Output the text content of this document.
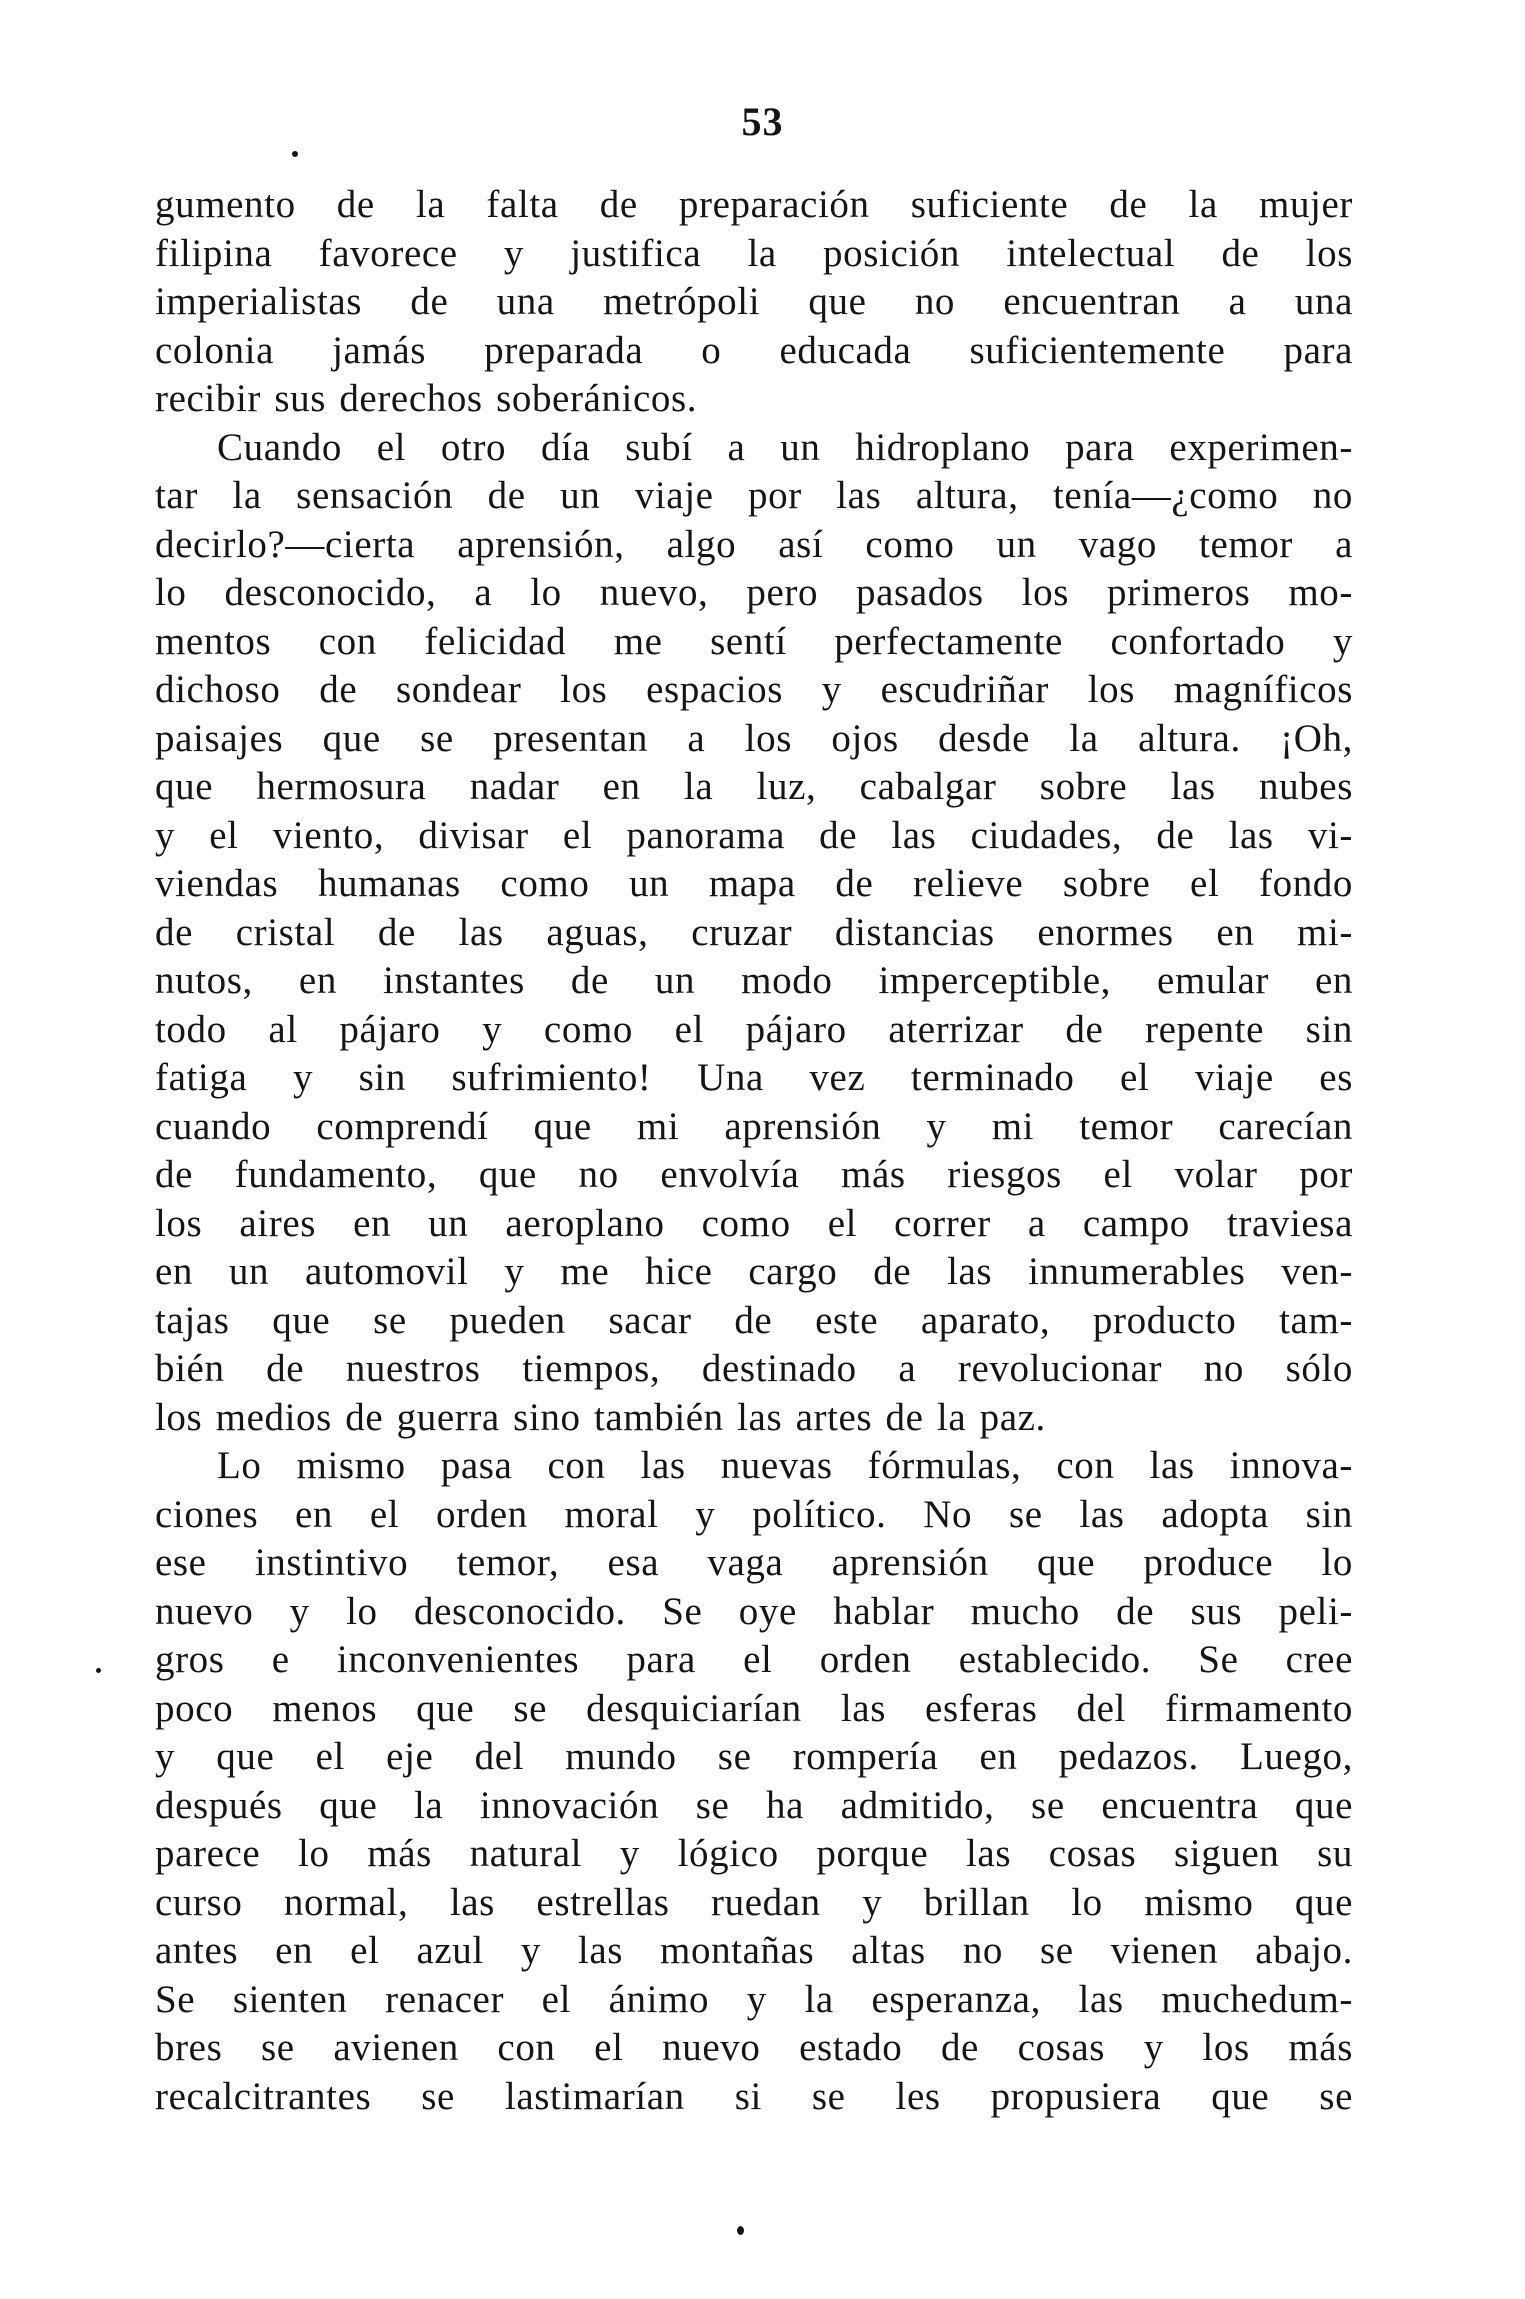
53
gumento de la falta de preparación suficiente de la mujer
filipina favorece y justifica la posición intelectual de los
imperialistas de una metrópoli que no encuentran a una
colonia jamás preparada o educada suficientemente para
recibir sus derechos soberánicos.
Cuando el otro día subí a un hidroplano para experimen-
tar la sensación de un viaje por las altura, tenía—¿como no
decirlo?—cierta aprensión, algo así como un vago temor a
lo desconocido, a lo nuevo, pero pasados los primeros mo-
mentos con felicidad me sentí perfectamente confortado y
dichoso de sondear los espacios y escudriñar los magníficos
paisajes que se presentan a los ojos desde la altura. ¡Oh,
que hermosura nadar en la luz, cabalgar sobre las nubes
y el viento, divisar el panorama de las ciudades, de las vi-
viendas humanas como un mapa de relieve sobre el fondo
de cristal de las aguas, cruzar distancias enormes en mi-
nutos, en instantes de un modo imperceptible, emular en
todo al pájaro y como el pájaro aterrizar de repente sin
fatiga y sin sufrimiento! Una vez terminado el viaje es
cuando comprendí que mi aprensión y mi temor carecían
de fundamento, que no envolvía más riesgos el volar por
los aires en un aeroplano como el correr a campo traviesa
en un automovil y me hice cargo de las innumerables ven-
tajas que se pueden sacar de este aparato, producto tam-
bién de nuestros tiempos, destinado a revolucionar no sólo
los medios de guerra sino también las artes de la paz.
Lo mismo pasa con las nuevas fórmulas, con las innova-
ciones en el orden moral y político. No se las adopta sin
ese instintivo temor, esa vaga aprensión que produce lo
nuevo y lo desconocido. Se oye hablar mucho de sus peli-
gros e inconvenientes para el orden establecido. Se cree
poco menos que se desquiciarían las esferas del firmamento
y que el eje del mundo se rompería en pedazos. Luego,
después que la innovación se ha admitido, se encuentra que
parece lo más natural y lógico porque las cosas siguen su
curso normal, las estrellas ruedan y brillan lo mismo que
antes en el azul y las montañas altas no se vienen abajo.
Se sienten renacer el ánimo y la esperanza, las muchedum-
bres se avienen con el nuevo estado de cosas y los más
recalcitrantes se lastimarían si se les propusiera que se
